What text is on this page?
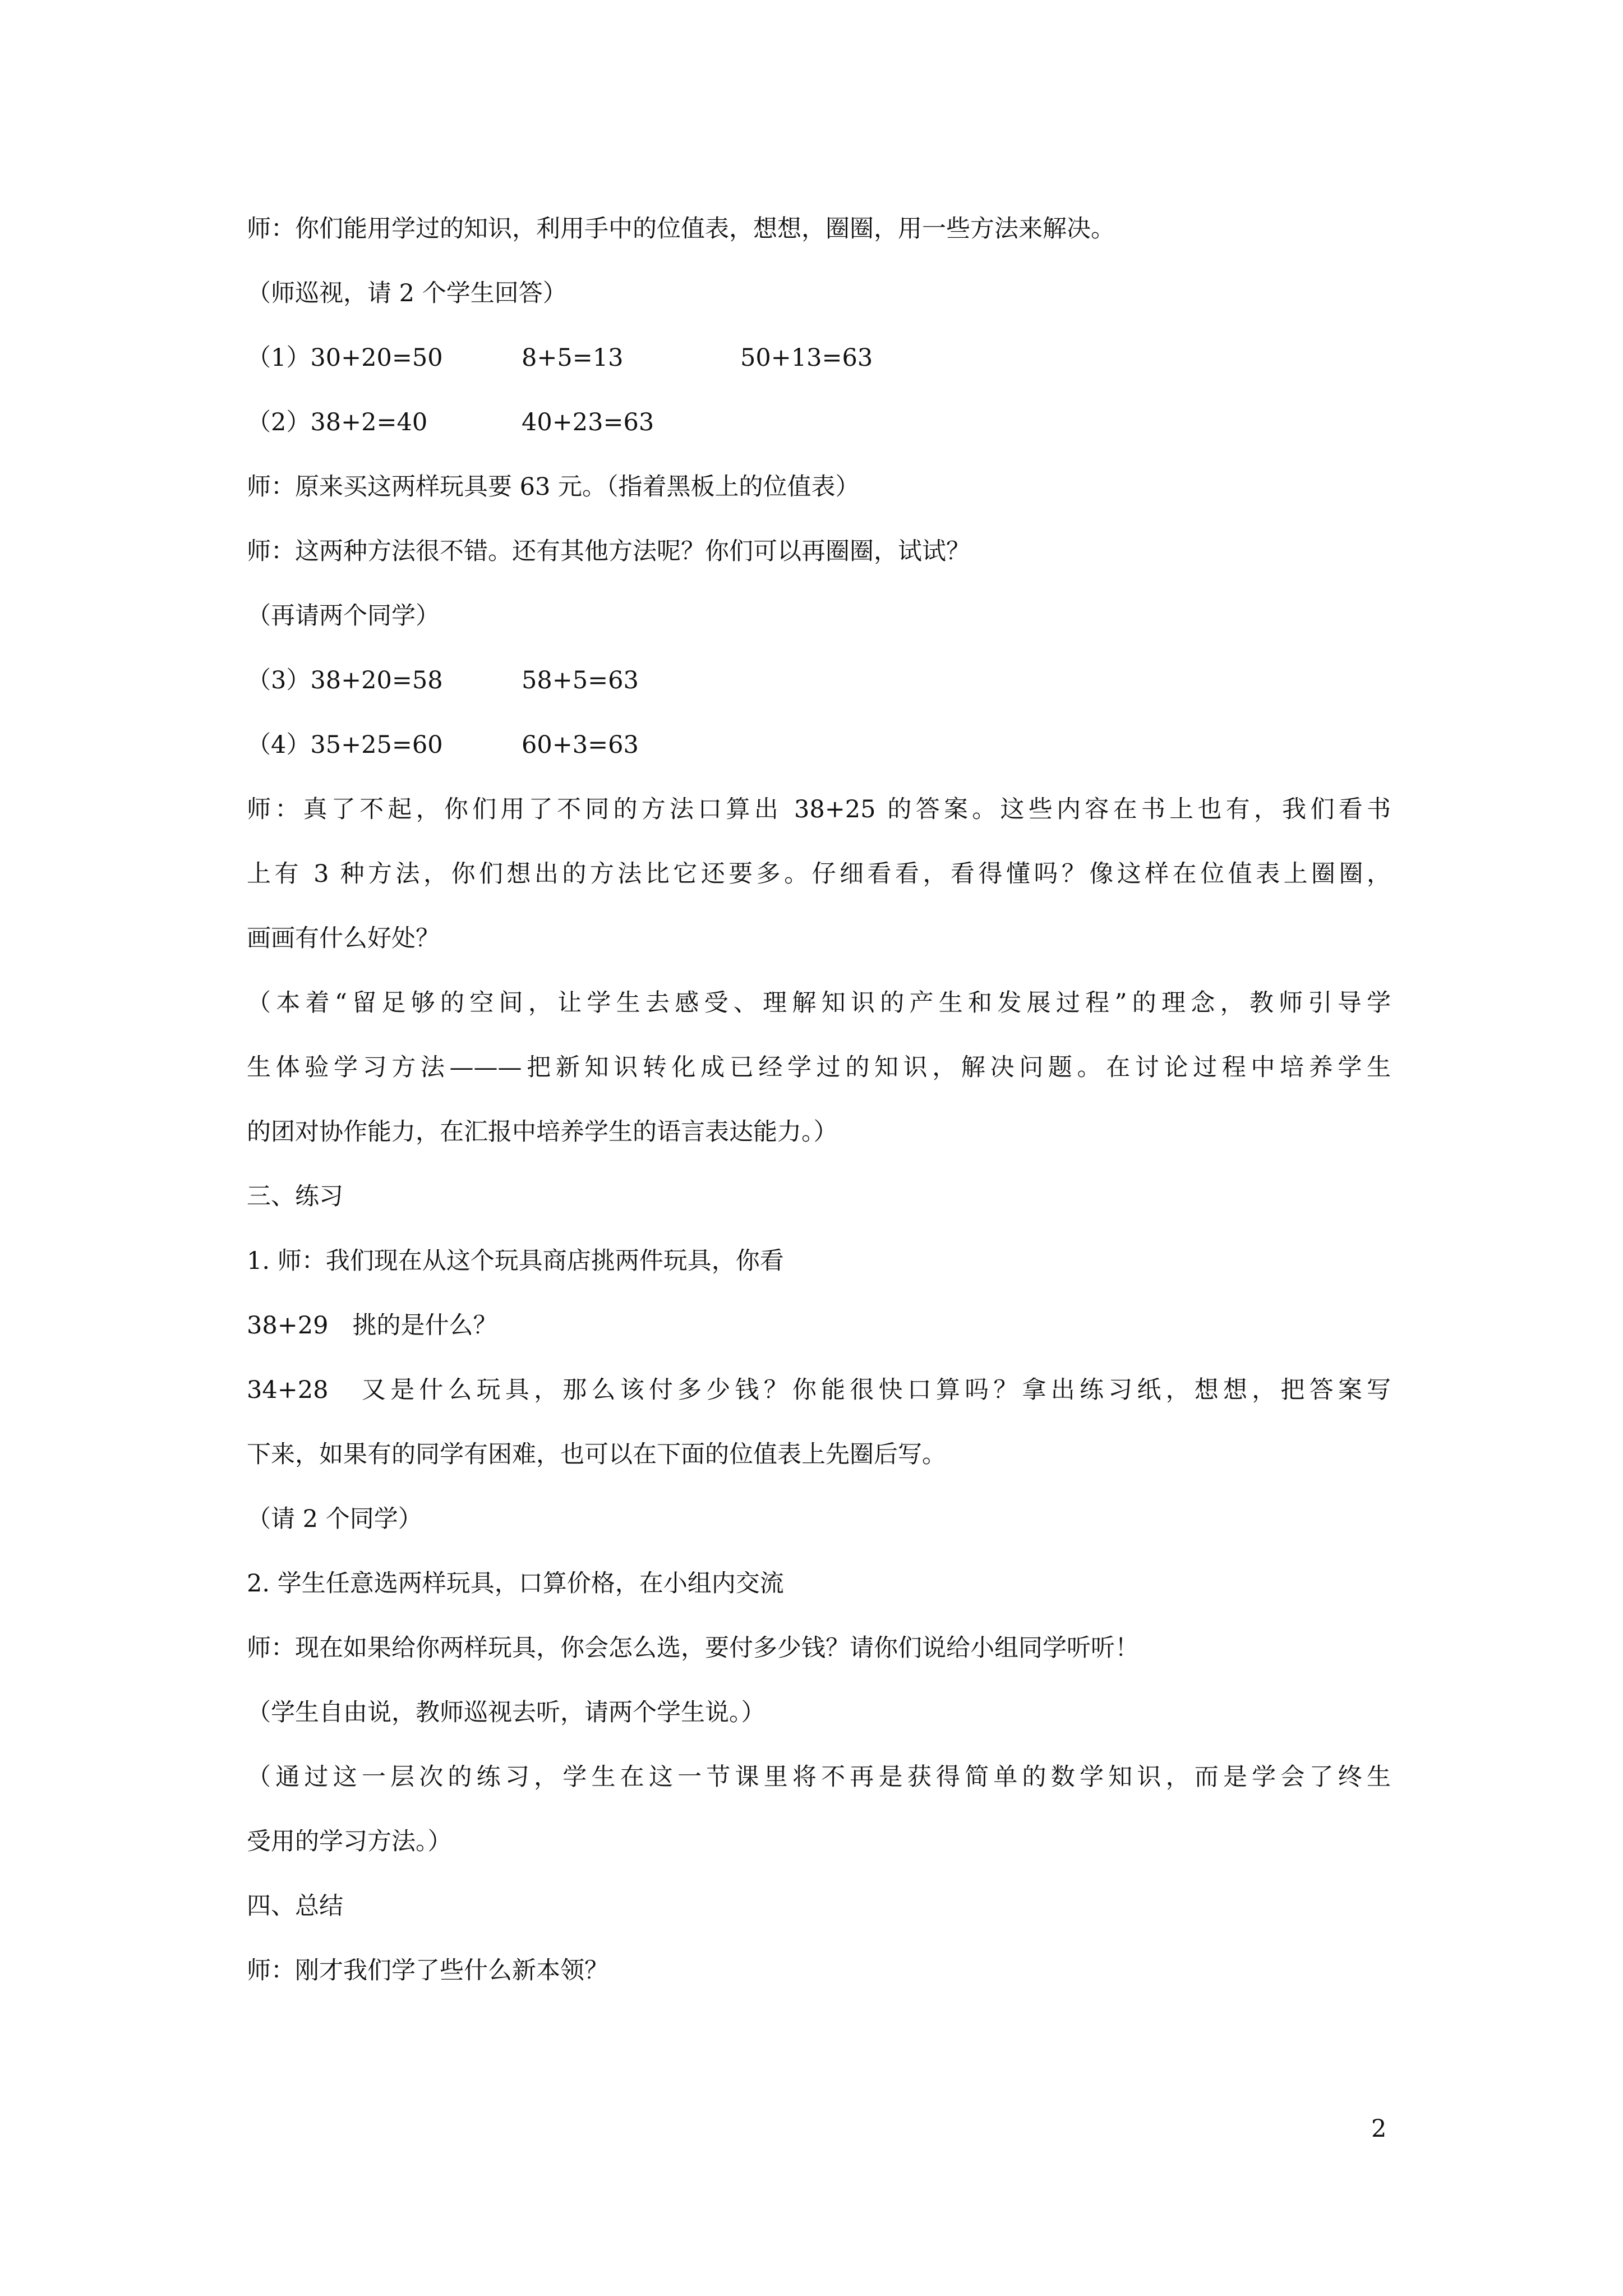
师：你们能用学过的知识，利用手中的位值表，想想，圈圈，用一些方法来解决。
（师巡视，请 2 个学生回答）
（1）30+20=50	8+5=13	50+13=63
（2）38+2=40	40+23=63
师：原来买这两样玩具要 63 元。（指着黑板上的位值表）
师：这两种方法很不错。还有其他方法呢？你们可以再圈圈，试试？
（再请两个同学）
（3）38+20=58	58+5=63
（4）35+25=60	60+3=63
师：真了不起，你们用了不同的方法口算出 38+25 的答案。这些内容在书上也有，我们看书
上有 3 种方法，你们想出的方法比它还要多。仔细看看，看得懂吗？像这样在位值表上圈圈，
画画有什么好处？
（本着“留足够的空间，让学生去感受、理解知识的产生和发展过程”的理念，教师引导学
生体验学习方法———把新知识转化成已经学过的知识，解决问题。在讨论过程中培养学生
的团对协作能力，在汇报中培养学生的语言表达能力。）
三、练习
1. 师：我们现在从这个玩具商店挑两件玩具，你看
38+29　挑的是什么？
34+28　又是什么玩具，那么该付多少钱？你能很快口算吗？拿出练习纸，想想，把答案写
下来，如果有的同学有困难，也可以在下面的位值表上先圈后写。
（请 2 个同学）
2. 学生任意选两样玩具，口算价格，在小组内交流
师：现在如果给你两样玩具，你会怎么选，要付多少钱？请你们说给小组同学听听！
（学生自由说，教师巡视去听，请两个学生说。）
（通过这一层次的练习，学生在这一节课里将不再是获得简单的数学知识，而是学会了终生
受用的学习方法。）
四、总结
师：刚才我们学了些什么新本领？
2
